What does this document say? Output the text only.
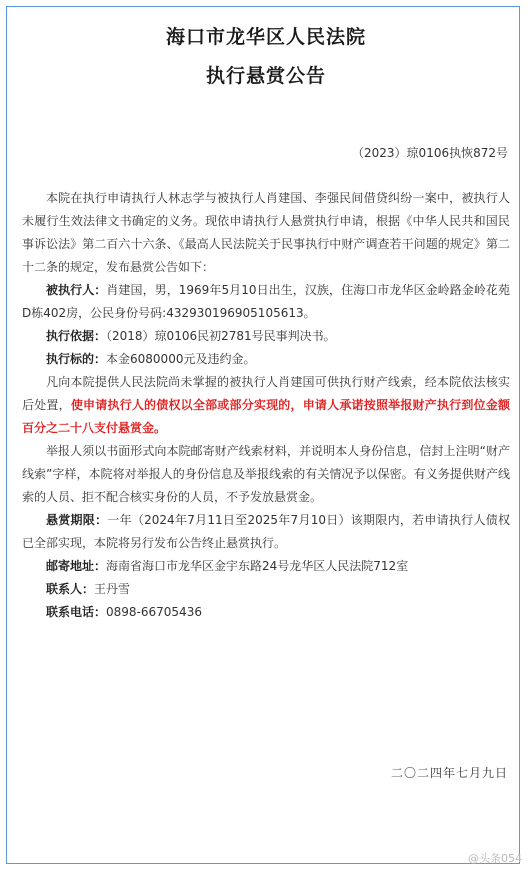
海口市龙华区人民法院
执行悬赏公告
（2023）琼0106执恢872号

本院在执行申请执行人林志学与被执行人肖建国、李强民间借贷纠纷一案中，被执行人未履行生效法律文书确定的义务。现依申请执行人悬赏执行申请，根据《中华人民共和国民事诉讼法》第二百六十六条、《最高人民法院关于民事执行中财产调查若干问题的规定》第二十二条的规定，发布悬赏公告如下：

被执行人：肖建国，男，1969年5月10日出生，汉族，住海口市龙华区金岭路金岭花苑D栋402房，公民身份号码:432930196905105613。

执行依据：（2018）琼0106民初2781号民事判决书。

执行标的：本金6080000元及违约金。

凡向本院提供人民法院尚未掌握的被执行人肖建国可供执行财产线索，经本院依法核实后处置，使申请执行人的债权以全部或部分实现的，申请人承诺按照举报财产执行到位金额百分之二十八支付悬赏金。

举报人须以书面形式向本院邮寄财产线索材料，并说明本人身份信息，信封上注明“财产线索”字样，本院将对举报人的身份信息及举报线索的有关情况予以保密。有义务提供财产线索的人员、拒不配合核实身份的人员，不予发放悬赏金。

悬赏期限：一年（2024年7月11日至2025年7月10日）该期限内，若申请执行人债权已全部实现，本院将另行发布公告终止悬赏执行。

邮寄地址：海南省海口市龙华区金宇东路24号龙华区人民法院712室

联系人：王丹雪

联系电话：0898-66705436

二〇二四年七月九日
@头条054
